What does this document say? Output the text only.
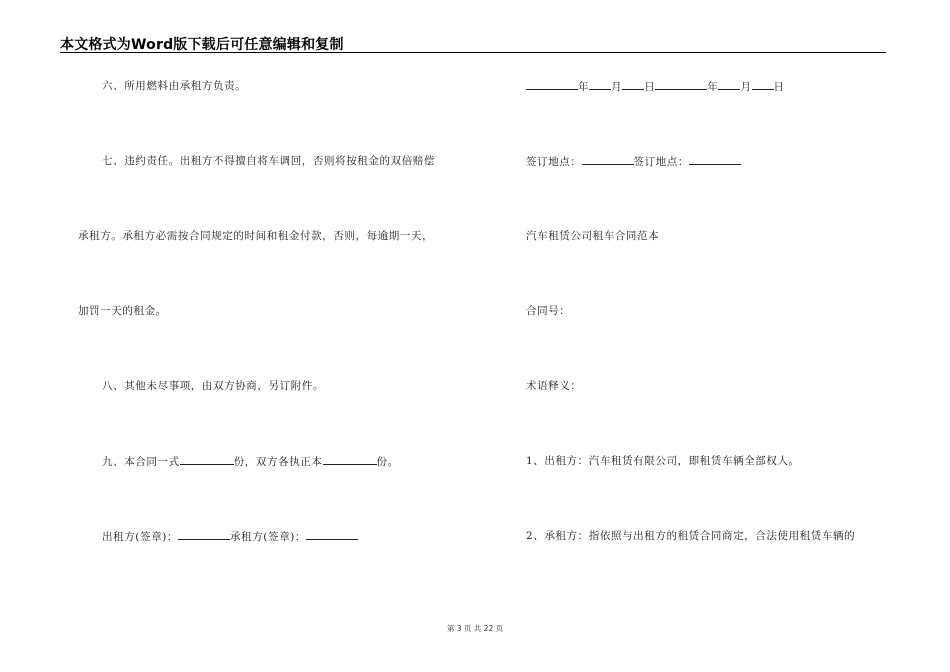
本文格式为Word版下载后可任意编辑和复制
六、所用燃料由承租方负责。
七、违约责任。出租方不得擅自将车调回，否则将按租金的双倍赔偿
承租方。承租方必需按合同规定的时间和租金付款，否则，每逾期一天，
加罚一天的租金。
八、其他未尽事项，由双方协商，另订附件。
九、本合同一式	份，双方各执正本	份。
出租方(签章)：	承租方(签章)：
年 月 日	年 月 日
签订地点：	签订地点：
汽车租赁公司租车合同范本
合同号：
术语释义：
1、出租方：汽车租赁有限公司，即租赁车辆全部权人。
2、承租方：指依照与出租方的租赁合同商定，合法使用租赁车辆的
第 3 页 共 22 页
